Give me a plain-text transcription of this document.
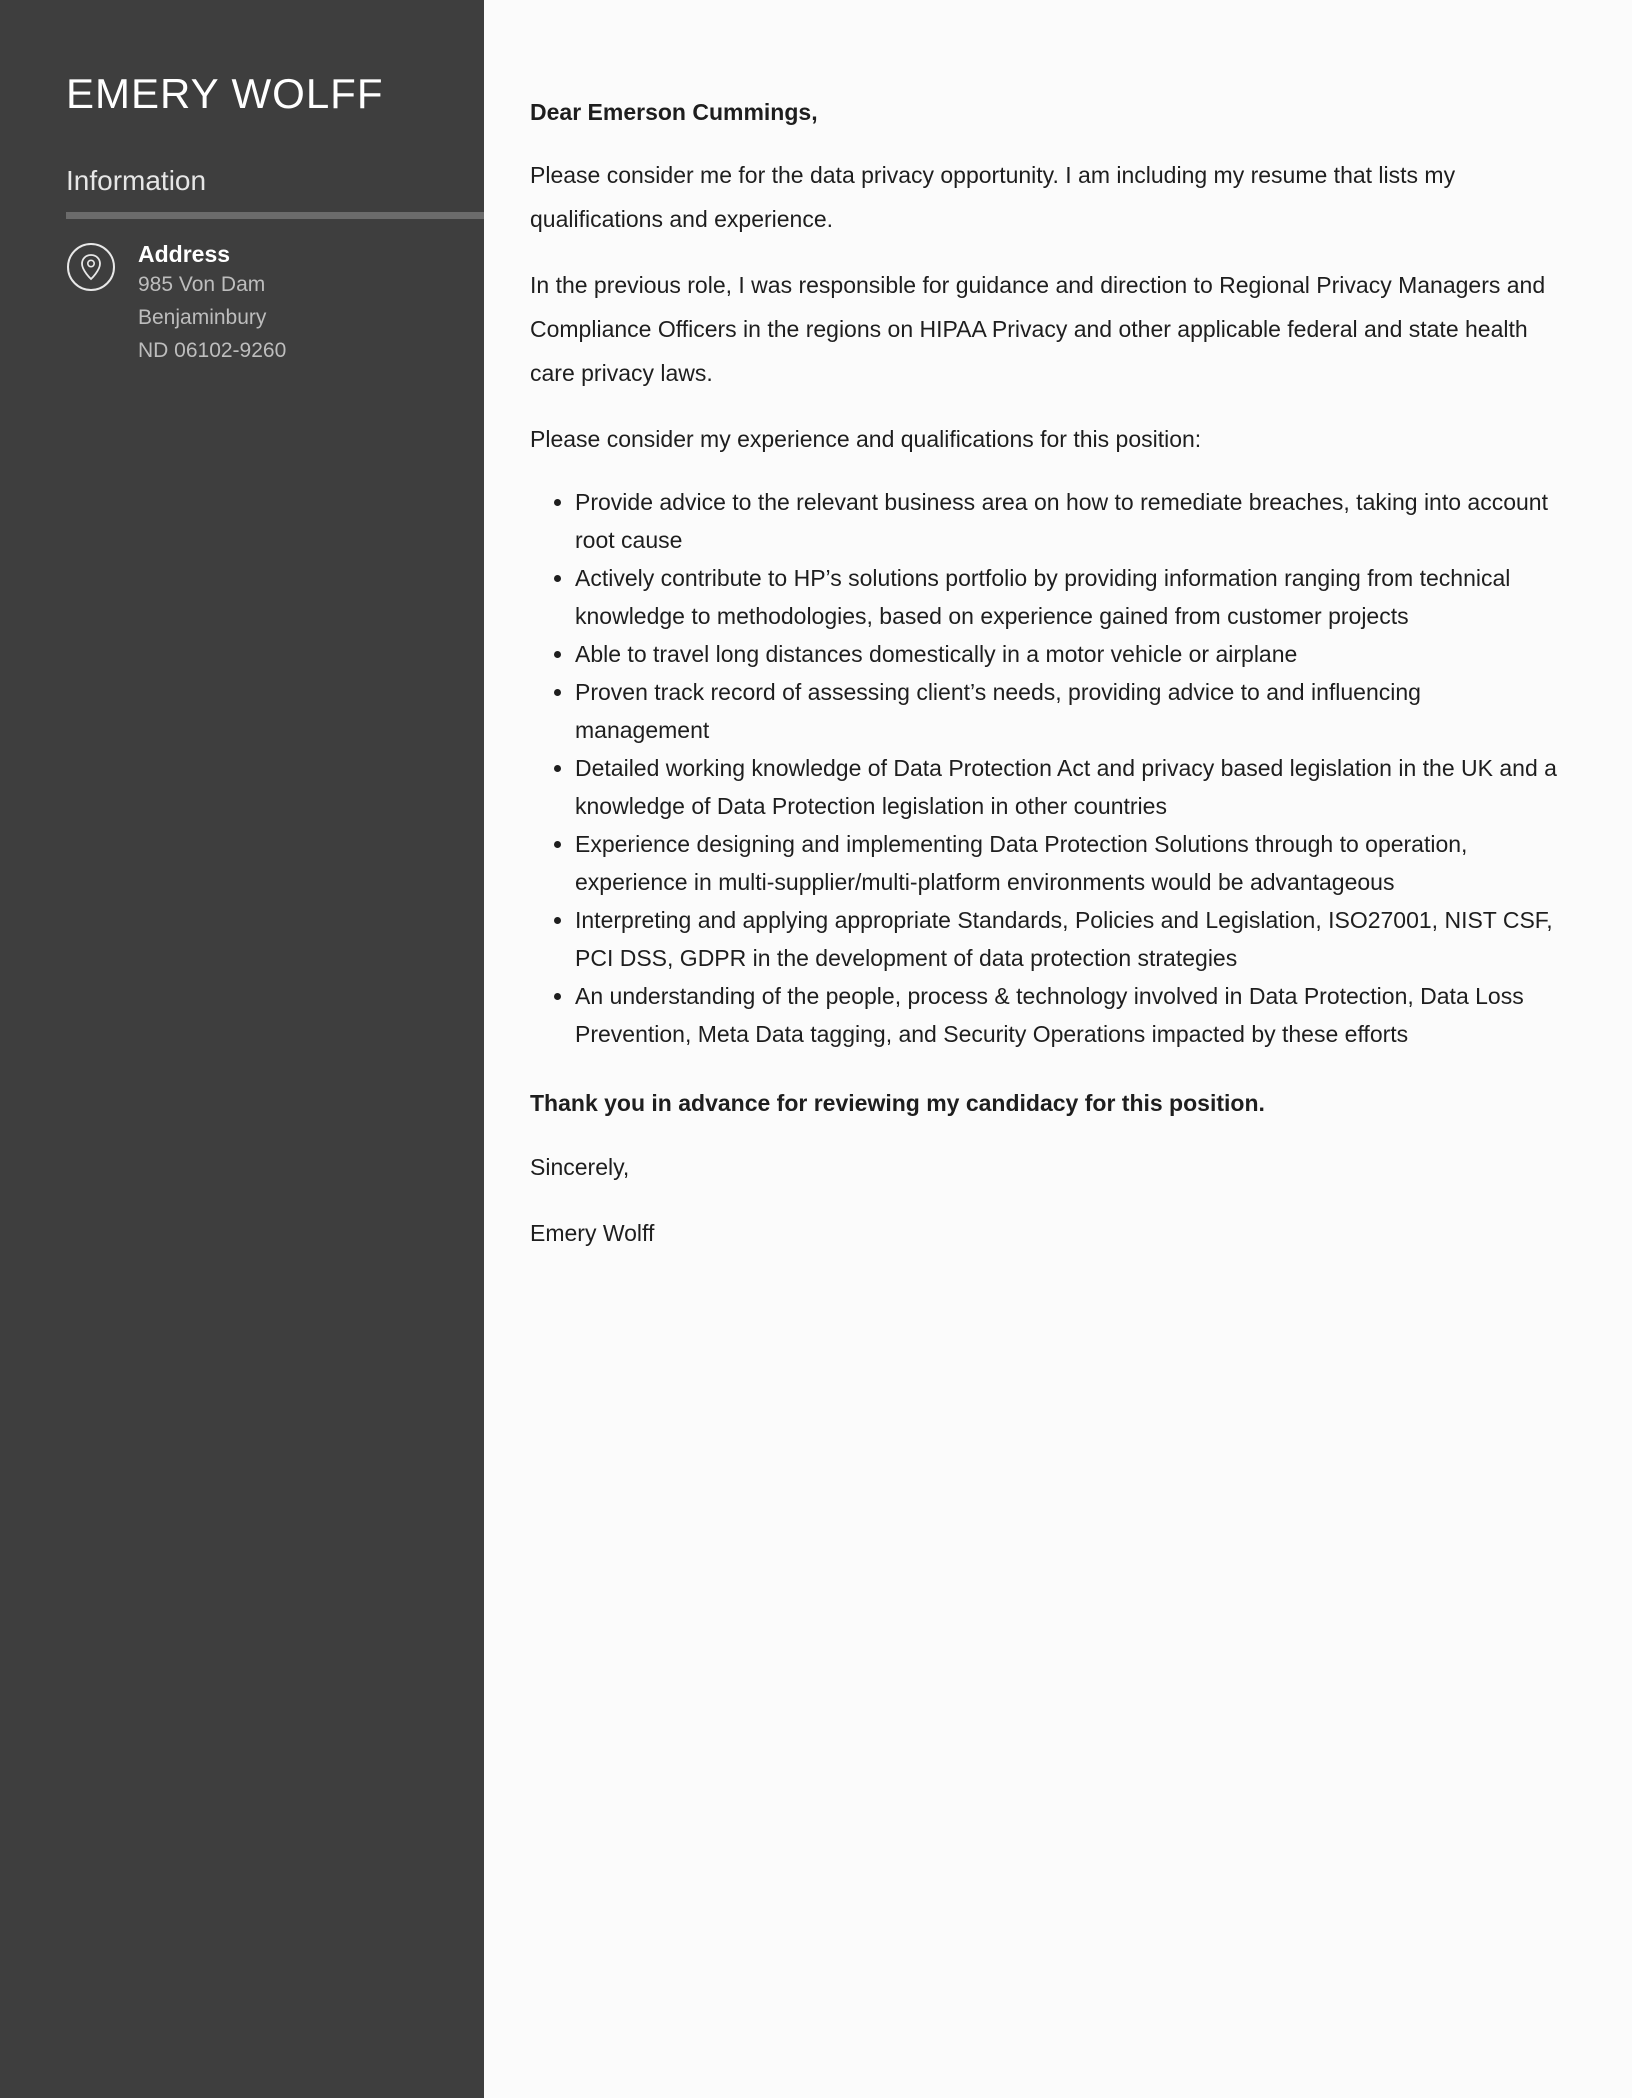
EMERY WOLFF
Information
Address
985 Von Dam
Benjaminbury
ND 06102-9260

Dear Emerson Cummings,

Please consider me for the data privacy opportunity. I am including my resume that lists my qualifications and experience.

In the previous role, I was responsible for guidance and direction to Regional Privacy Managers and Compliance Officers in the regions on HIPAA Privacy and other applicable federal and state health care privacy laws.

Please consider my experience and qualifications for this position:

• Provide advice to the relevant business area on how to remediate breaches, taking into account root cause
• Actively contribute to HP’s solutions portfolio by providing information ranging from technical knowledge to methodologies, based on experience gained from customer projects
• Able to travel long distances domestically in a motor vehicle or airplane
• Proven track record of assessing client’s needs, providing advice to and influencing management
• Detailed working knowledge of Data Protection Act and privacy based legislation in the UK and a knowledge of Data Protection legislation in other countries
• Experience designing and implementing Data Protection Solutions through to operation, experience in multi-supplier/multi-platform environments would be advantageous
• Interpreting and applying appropriate Standards, Policies and Legislation, ISO27001, NIST CSF, PCI DSS, GDPR in the development of data protection strategies
• An understanding of the people, process & technology involved in Data Protection, Data Loss Prevention, Meta Data tagging, and Security Operations impacted by these efforts

Thank you in advance for reviewing my candidacy for this position.

Sincerely,

Emery Wolff
